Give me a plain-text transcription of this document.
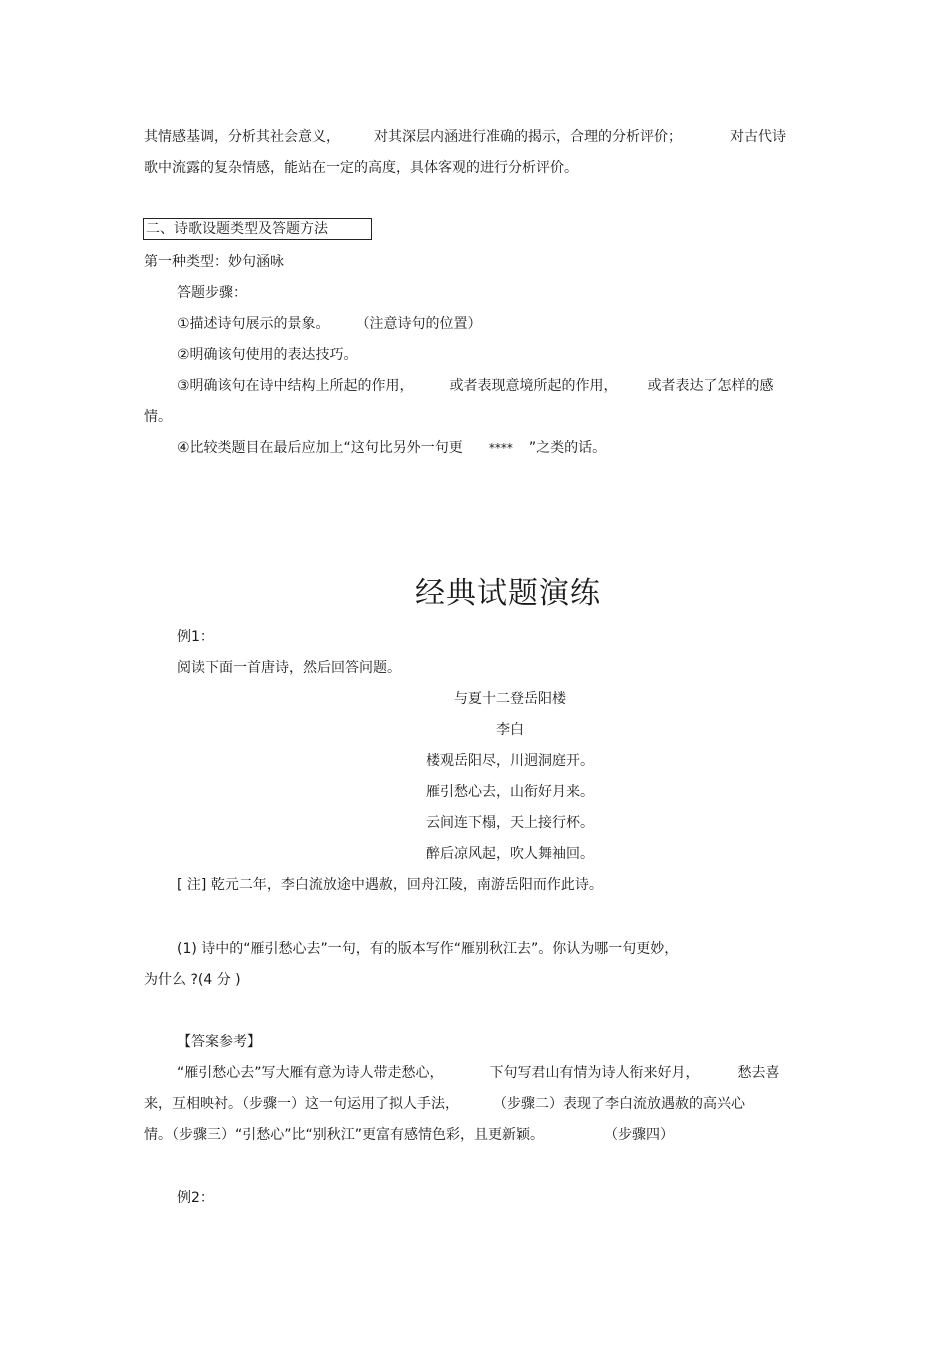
其情感基调，分析其社会意义， 对其深层内涵进行准确的揭示，合理的分析评价；	对古代诗
歌中流露的复杂情感，能站在一定的高度，具体客观的进行分析评价。
二、诗歌设题类型及答题方法
第一种类型：妙句涵咏
答题步骤：
①描述诗句展示的景象。 （注意诗句的位置）
②明确该句使用的表达技巧。
③明确该句在诗中结构上所起的作用，	或者表现意境所起的作用， 或者表达了怎样的感
情。
④比较类题目在最后应加上“这句比另外一句更 **** ”之类的话。
经典试题演练
例1：
阅读下面一首唐诗，然后回答问题。
与夏十二登岳阳楼
李白
楼观岳阳尽，川迥洞庭开。
雁引愁心去，山衔好月来。
云间连下榻，天上接行杯。
醉后凉风起，吹人舞袖回。
[ 注] 乾元二年，李白流放途中遇赦，回舟江陵，南游岳阳而作此诗。
(1) 诗中的“雁引愁心去”一句，有的版本写作“雁别秋江去”。你认为哪一句更妙，
为什么 ?(4 分 )
【答案参考】
“雁引愁心去”写大雁有意为诗人带走愁心，	下句写君山有情为诗人衔来好月，	愁去喜
来，互相映衬。（步骤一）这一句运用了拟人手法， （步骤二）表现了李白流放遇赦的高兴心
情。（步骤三）“引愁心”比“别秋江”更富有感情色彩，且更新颖。	（步骤四）
例2：
